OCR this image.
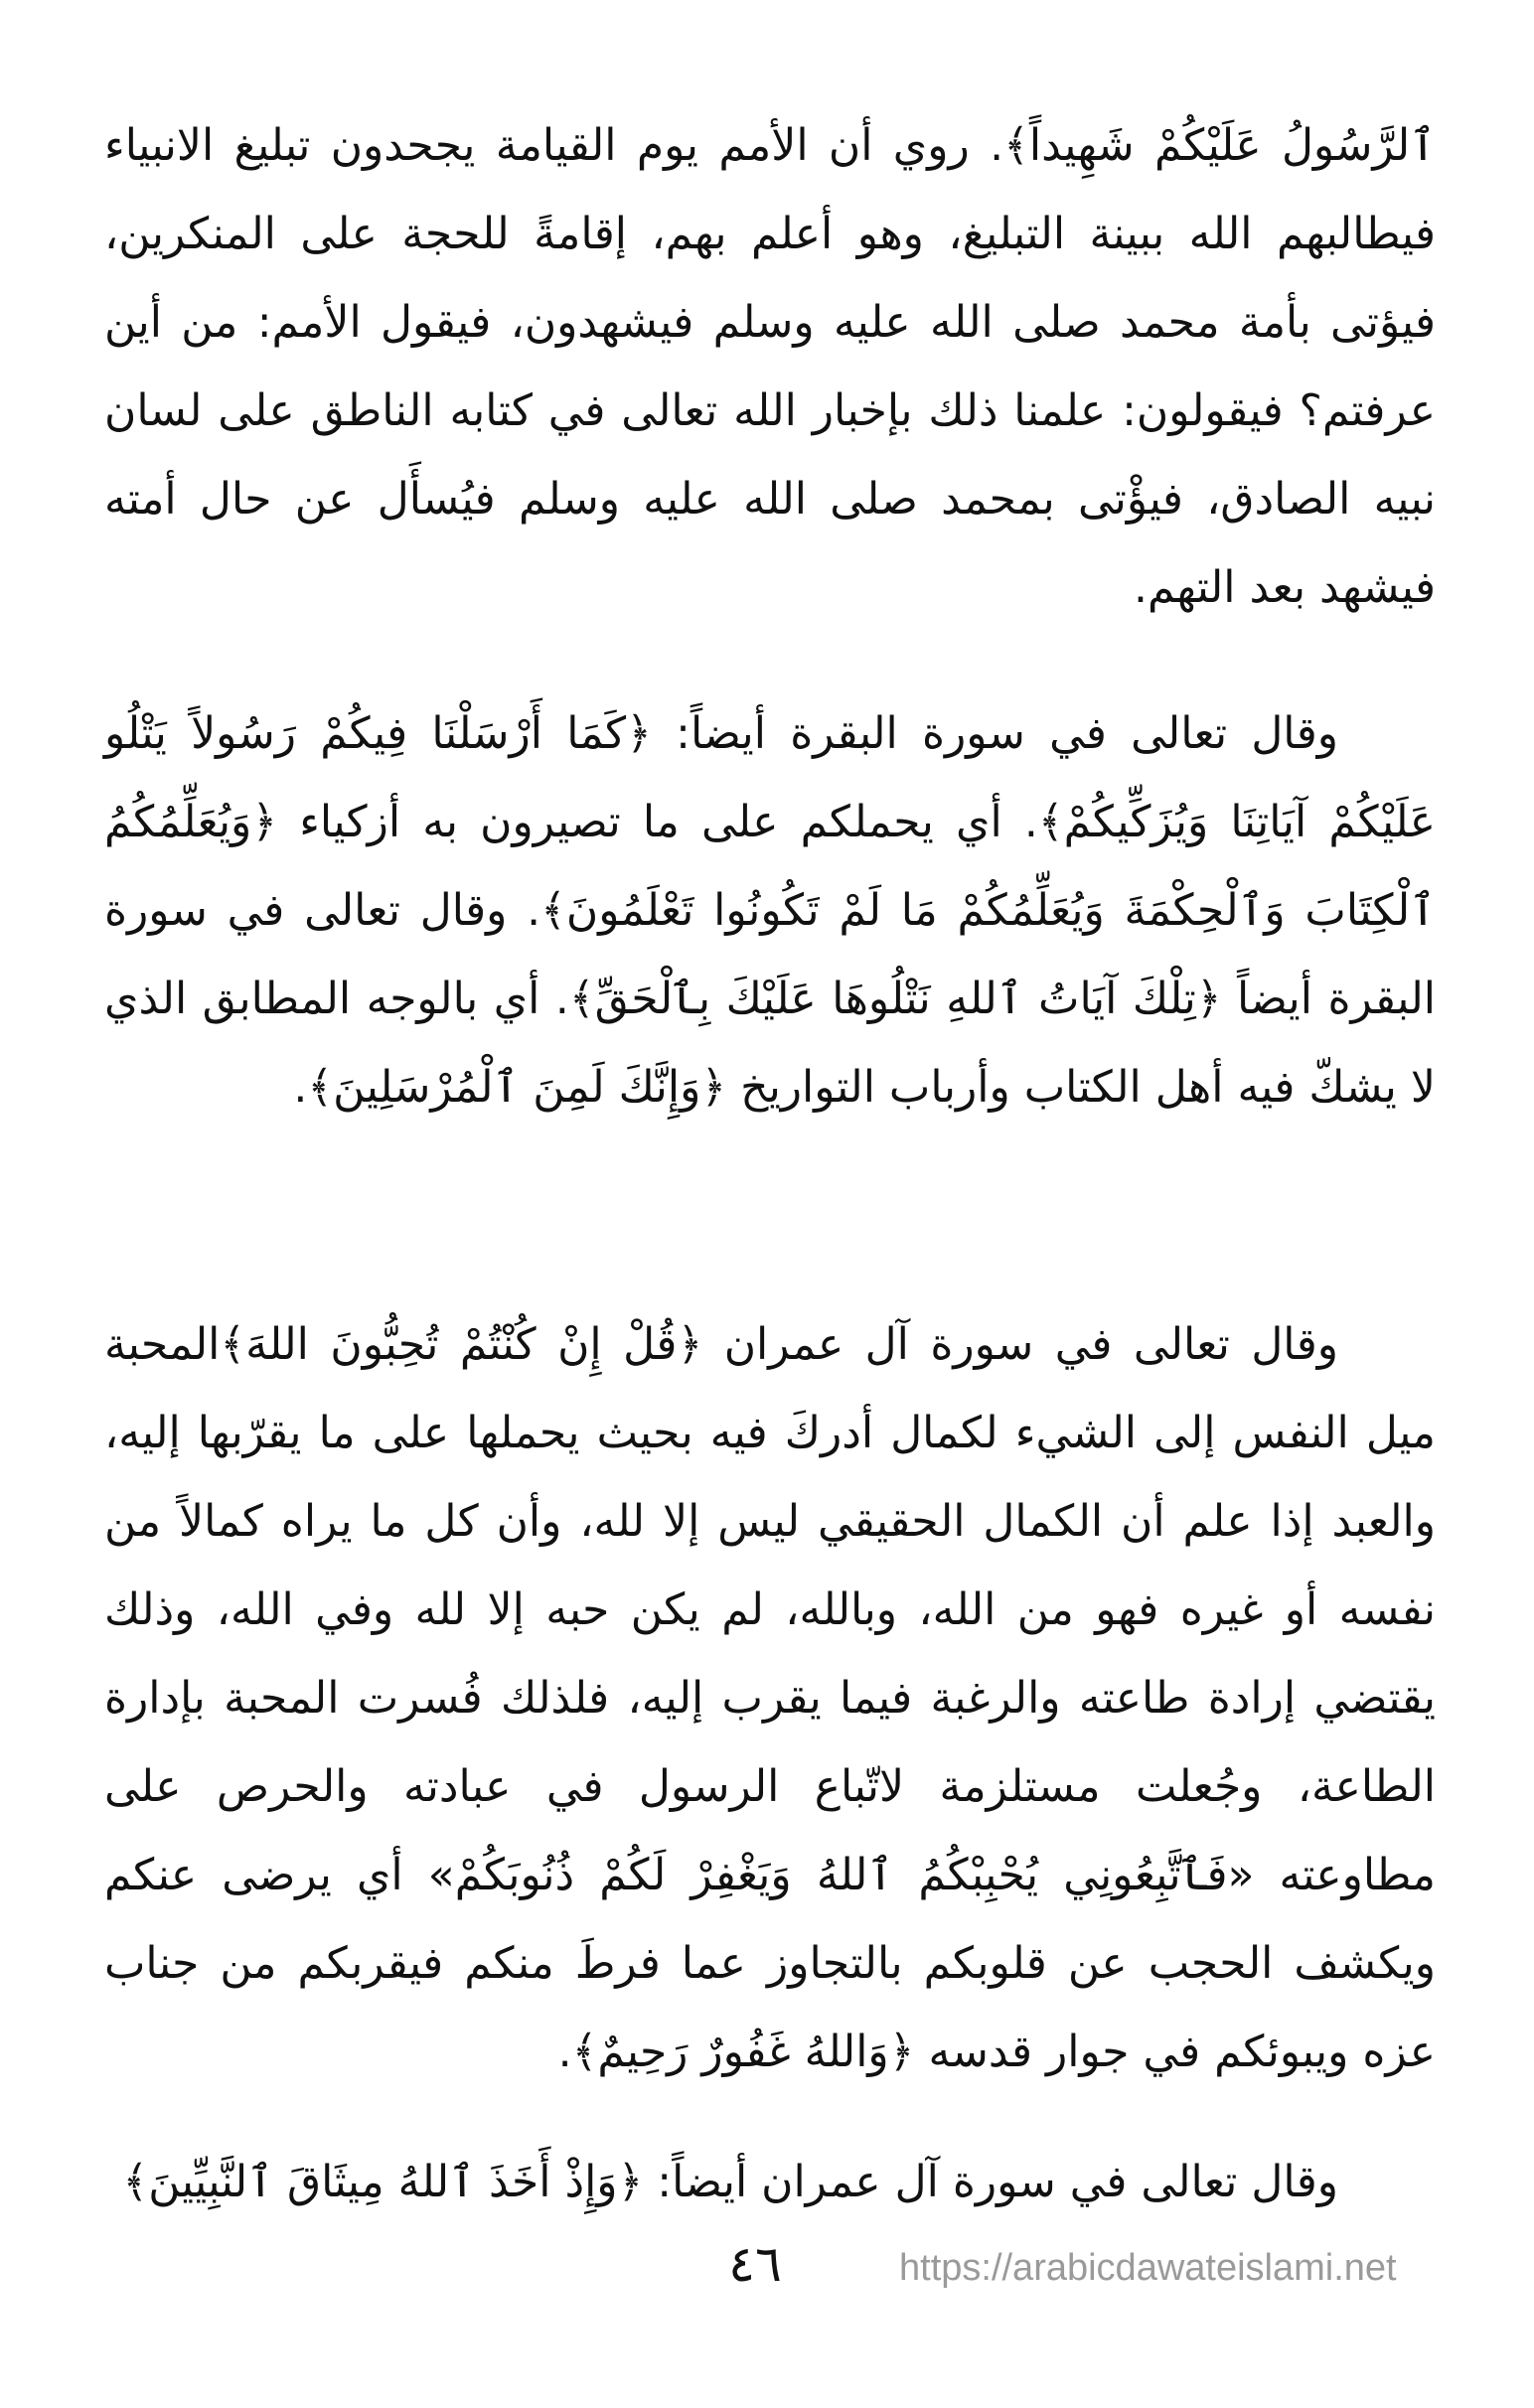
ٱلرَّسُولُ عَلَيْكُمْ شَهِيداً﴾. روي أن الأمم يوم القيامة يجحدون تبليغ الانبياء فيطالبهم الله ببينة التبليغ، وهو أعلم بهم، إقامةً للحجة على المنكرين، فيؤتى بأمة محمد صلى الله عليه وسلم فيشهدون، فيقول الأمم: من أين عرفتم؟ فيقولون: علمنا ذلك بإخبار الله تعالى في كتابه الناطق على لسان نبيه الصادق، فيؤْتى بمحمد صلى الله عليه وسلم فيُسأَل عن حال أمته فيشهد بعد التهم.

وقال تعالى في سورة البقرة أيضاً: ﴿كَمَا أَرْسَلْنَا فِيكُمْ رَسُولاً يَتْلُو عَلَيْكُمْ آيَاتِنَا وَيُزَكِّيكُمْ﴾. أي يحملكم على ما تصيرون به أزكياء ﴿وَيُعَلِّمُكُمُ ٱلْكِتَابَ وَٱلْحِكْمَةَ وَيُعَلِّمُكُمْ مَا لَمْ تَكُونُوا تَعْلَمُونَ﴾. وقال تعالى في سورة البقرة أيضاً ﴿تِلْكَ آيَاتُ ٱللهِ نَتْلُوهَا عَلَيْكَ بِٱلْحَقِّ﴾. أي بالوجه المطابق الذي لا يشكّ فيه أهل الكتاب وأرباب التواريخ ﴿وَإِنَّكَ لَمِنَ ٱلْمُرْسَلِينَ﴾.

وقال تعالى في سورة آل عمران ﴿قُلْ إِنْ كُنْتُمْ تُحِبُّونَ اللهَ﴾المحبة ميل النفس إلى الشيء لكمال أدركَ فيه بحيث يحملها على ما يقرّبها إليه، والعبد إذا علم أن الكمال الحقيقي ليس إلا لله، وأن كل ما يراه كمالاً من نفسه أو غيره فهو من الله، وبالله، لم يكن حبه إلا لله وفي الله، وذلك يقتضي إرادة طاعته والرغبة فيما يقرب إليه، فلذلك فُسرت المحبة بإدارة الطاعة، وجُعلت مستلزمة لاتّباع الرسول في عبادته والحرص على مطاوعته «فَٱتَّبِعُونِي يُحْبِبْكُمُ ٱللهُ وَيَغْفِرْ لَكُمْ ذُنُوبَكُمْ» أي يرضى عنكم ويكشف الحجب عن قلوبكم بالتجاوز عما فرطَ منكم فيقربكم من جناب عزه ويبوئكم في جوار قدسه ﴿وَاللهُ غَفُورٌ رَحِيمٌ﴾.

وقال تعالى في سورة آل عمران أيضاً: ﴿وَإِذْ أَخَذَ ٱللهُ مِيثَاقَ ٱلنَّبِيِّينَ﴾

٤٦	https://arabicdawateislami.net
